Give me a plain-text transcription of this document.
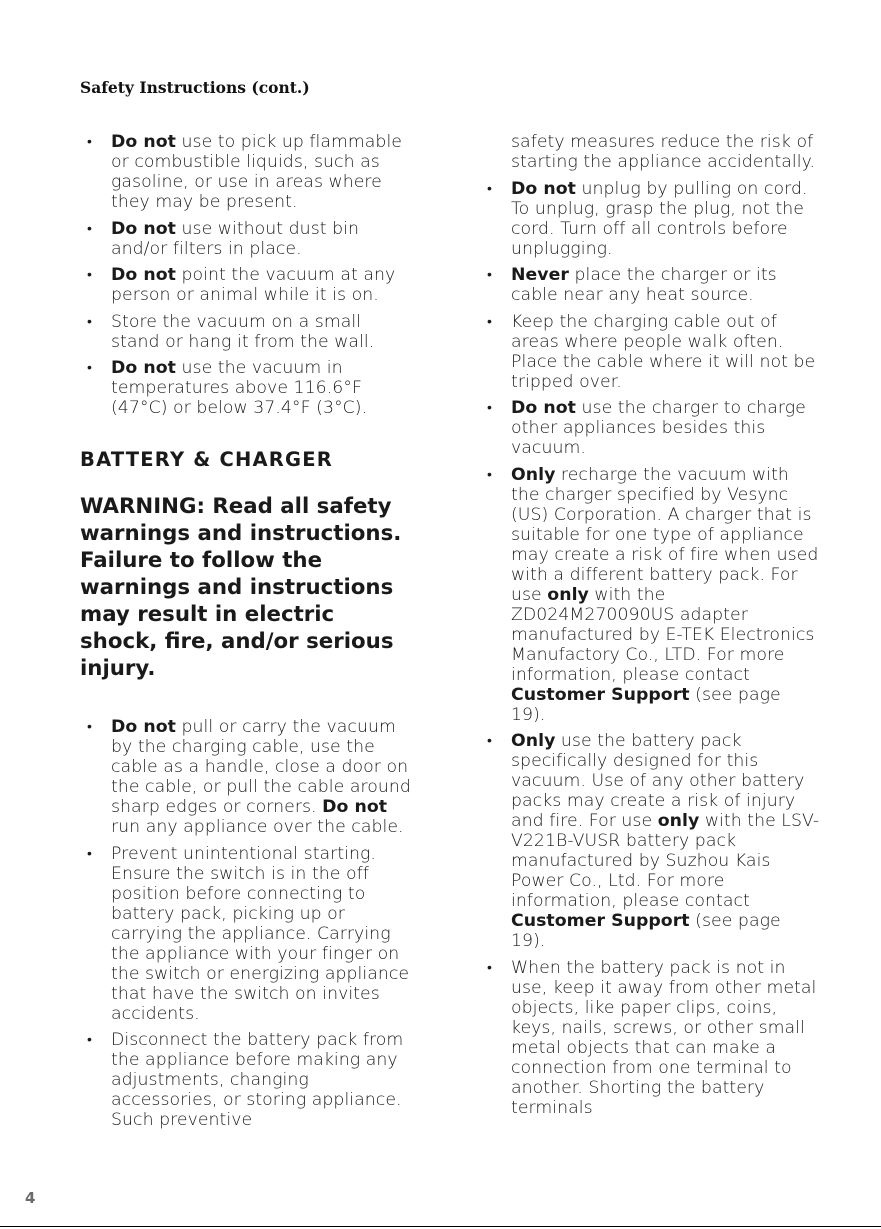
Safety Instructions (cont.)
• Do not use to pick up flammable or combustible liquids, such as gasoline, or use in areas where they may be present.
• Do not use without dust bin and/or filters in place.
• Do not point the vacuum at any person or animal while it is on.
• Store the vacuum on a small stand or hang it from the wall.
• Do not use the vacuum in temperatures above 116.6°F (47°C) or below 37.4°F (3°C).
BATTERY & CHARGER
WARNING: Read all safety warnings and instructions. Failure to follow the warnings and instructions may result in electric shock, fire, and/or serious injury.
• Do not pull or carry the vacuum by the charging cable, use the cable as a handle, close a door on the cable, or pull the cable around sharp edges or corners. Do not run any appliance over the cable.
• Prevent unintentional starting. Ensure the switch is in the off position before connecting to battery pack, picking up or carrying the appliance. Carrying the appliance with your finger on the switch or energizing appliance that have the switch on invites accidents.
• Disconnect the battery pack from the appliance before making any adjustments, changing accessories, or storing appliance. Such preventive
safety measures reduce the risk of starting the appliance accidentally.
• Do not unplug by pulling on cord. To unplug, grasp the plug, not the cord. Turn off all controls before unplugging.
• Never place the charger or its cable near any heat source.
• Keep the charging cable out of areas where people walk often. Place the cable where it will not be tripped over.
• Do not use the charger to charge other appliances besides this vacuum.
• Only recharge the vacuum with the charger specified by Vesync (US) Corporation. A charger that is suitable for one type of appliance may create a risk of fire when used with a different battery pack. For use only with the ZD024M270090US adapter manufactured by E-TEK Electronics Manufactory Co., LTD. For more information, please contact Customer Support (see page 19).
• Only use the battery pack specifically designed for this vacuum. Use of any other battery packs may create a risk of injury and fire. For use only with the LSV-V221B-VUSR battery pack manufactured by Suzhou Kais Power Co., Ltd. For more information, please contact Customer Support (see page 19).
• When the battery pack is not in use, keep it away from other metal objects, like paper clips, coins, keys, nails, screws, or other small metal objects that can make a connection from one terminal to another. Shorting the battery terminals
4
